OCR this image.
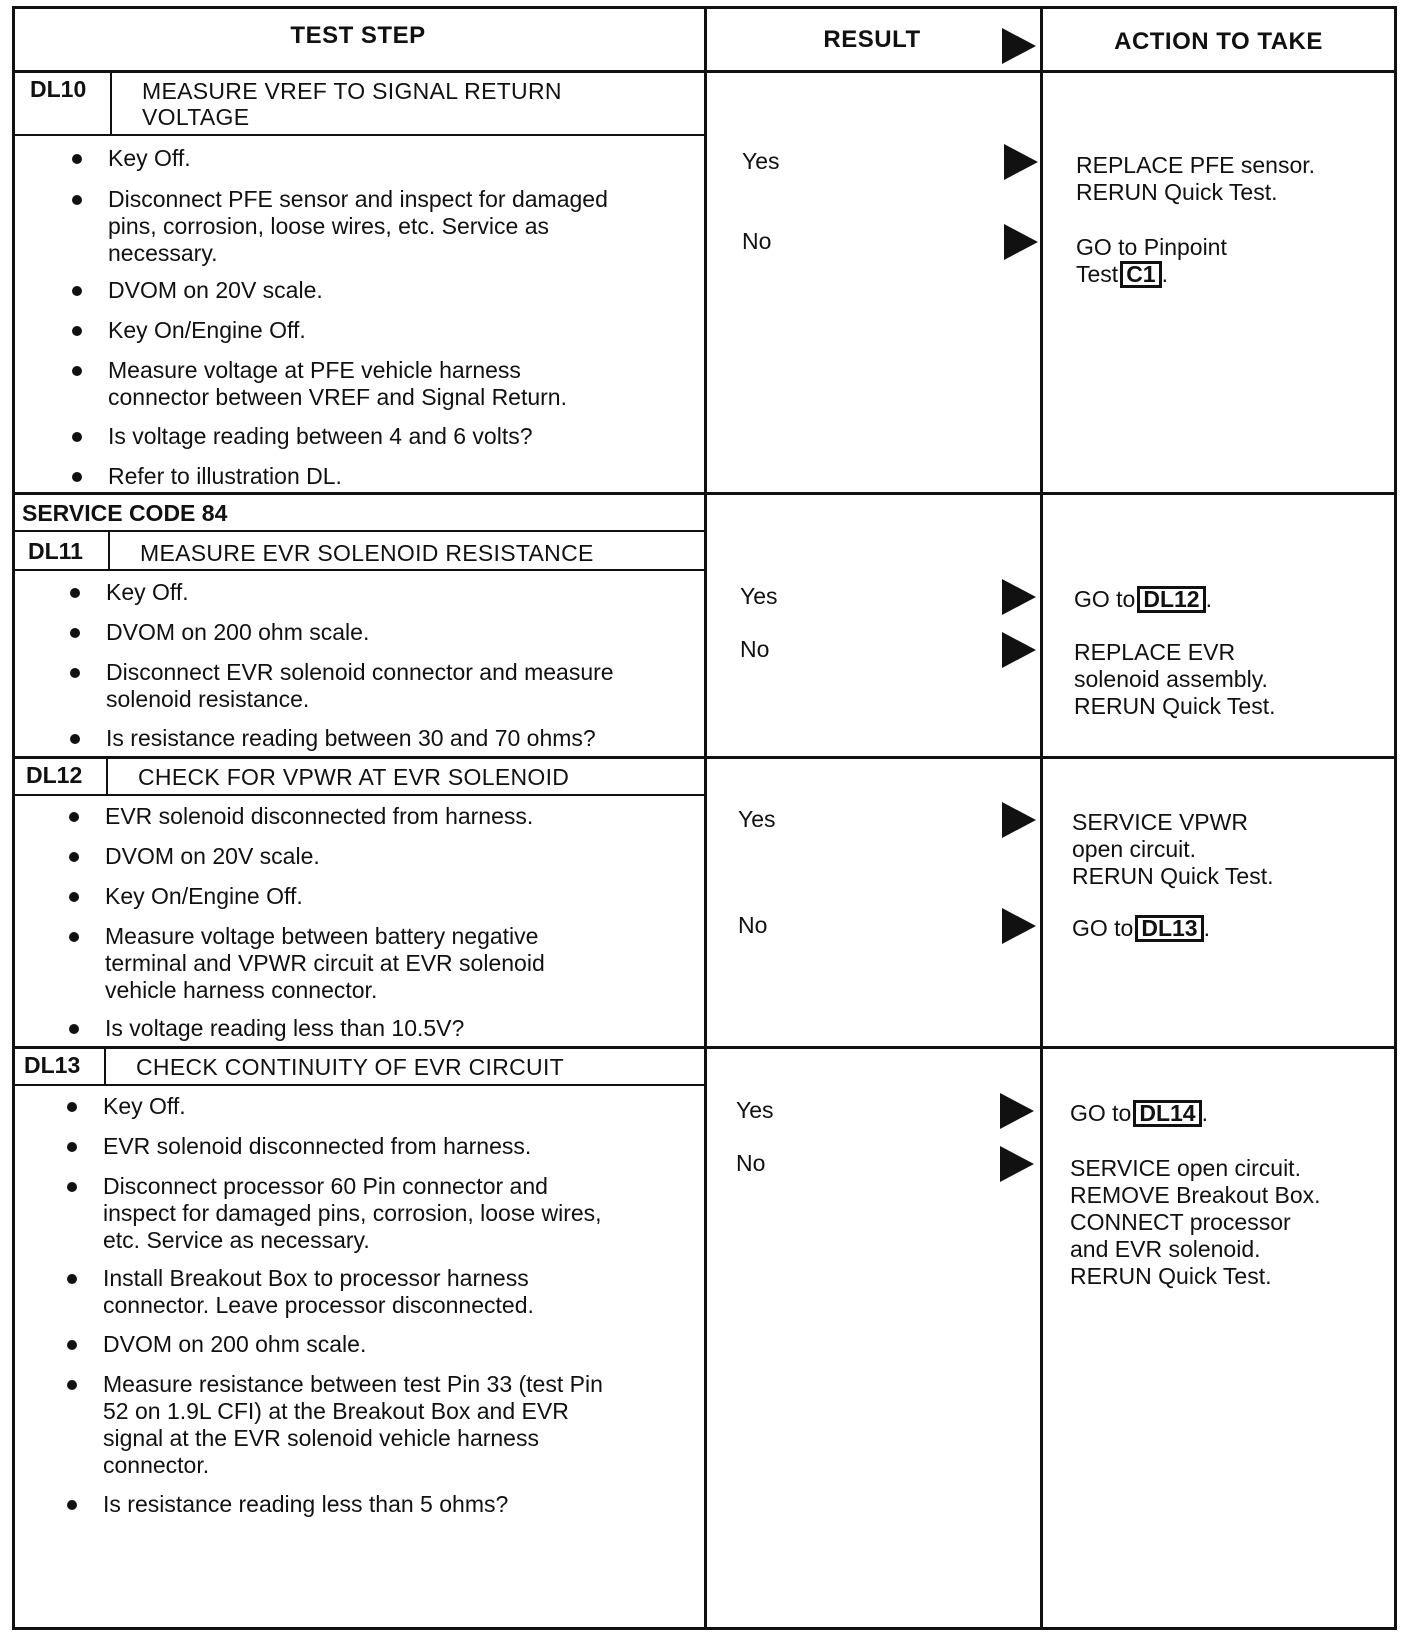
TEST STEP	RESULT	ACTION TO TAKE
DL10 MEASURE VREF TO SIGNAL RETURN
VOLTAGE
Key Off.
Disconnect PFE sensor and inspect for damaged
pins, corrosion, loose wires, etc. Service as
necessary.
DVOM on 20V scale.
Key On/Engine Off.
Measure voltage at PFE vehicle harness
connector between VREF and Signal Return.
Is voltage reading between 4 and 6 volts?
Refer to illustration DL.
Yes
No
REPLACE PFE sensor.
RERUN Quick Test.
GO to Pinpoint
Test C1 .
SERVICE CODE 84
DL11 MEASURE EVR SOLENOID RESISTANCE
Key Off.
DVOM on 200 ohm scale.
Disconnect EVR solenoid connector and measure
solenoid resistance.
Is resistance reading between 30 and 70 ohms?
Yes
No
GO to DL12 .
REPLACE EVR
solenoid assembly.
RERUN Quick Test.
DL12 CHECK FOR VPWR AT EVR SOLENOID
EVR solenoid disconnected from harness.
DVOM on 20V scale.
Key On/Engine Off.
Measure voltage between battery negative
terminal and VPWR circuit at EVR solenoid
vehicle harness connector.
Is voltage reading less than 10.5V?
Yes
No
SERVICE VPWR
open circuit.
RERUN Quick Test.
GO to DL13 .
DL13 CHECK CONTINUITY OF EVR CIRCUIT
Key Off.
EVR solenoid disconnected from harness.
Disconnect processor 60 Pin connector and
inspect for damaged pins, corrosion, loose wires,
etc. Service as necessary.
Install Breakout Box to processor harness
connector. Leave processor disconnected.
DVOM on 200 ohm scale.
Measure resistance between test Pin 33 (test Pin
52 on 1.9L CFI) at the Breakout Box and EVR
signal at the EVR solenoid vehicle harness
connector.
Is resistance reading less than 5 ohms?
Yes
No
GO to DL14 .
SERVICE open circuit.
REMOVE Breakout Box.
CONNECT processor
and EVR solenoid.
RERUN Quick Test.
